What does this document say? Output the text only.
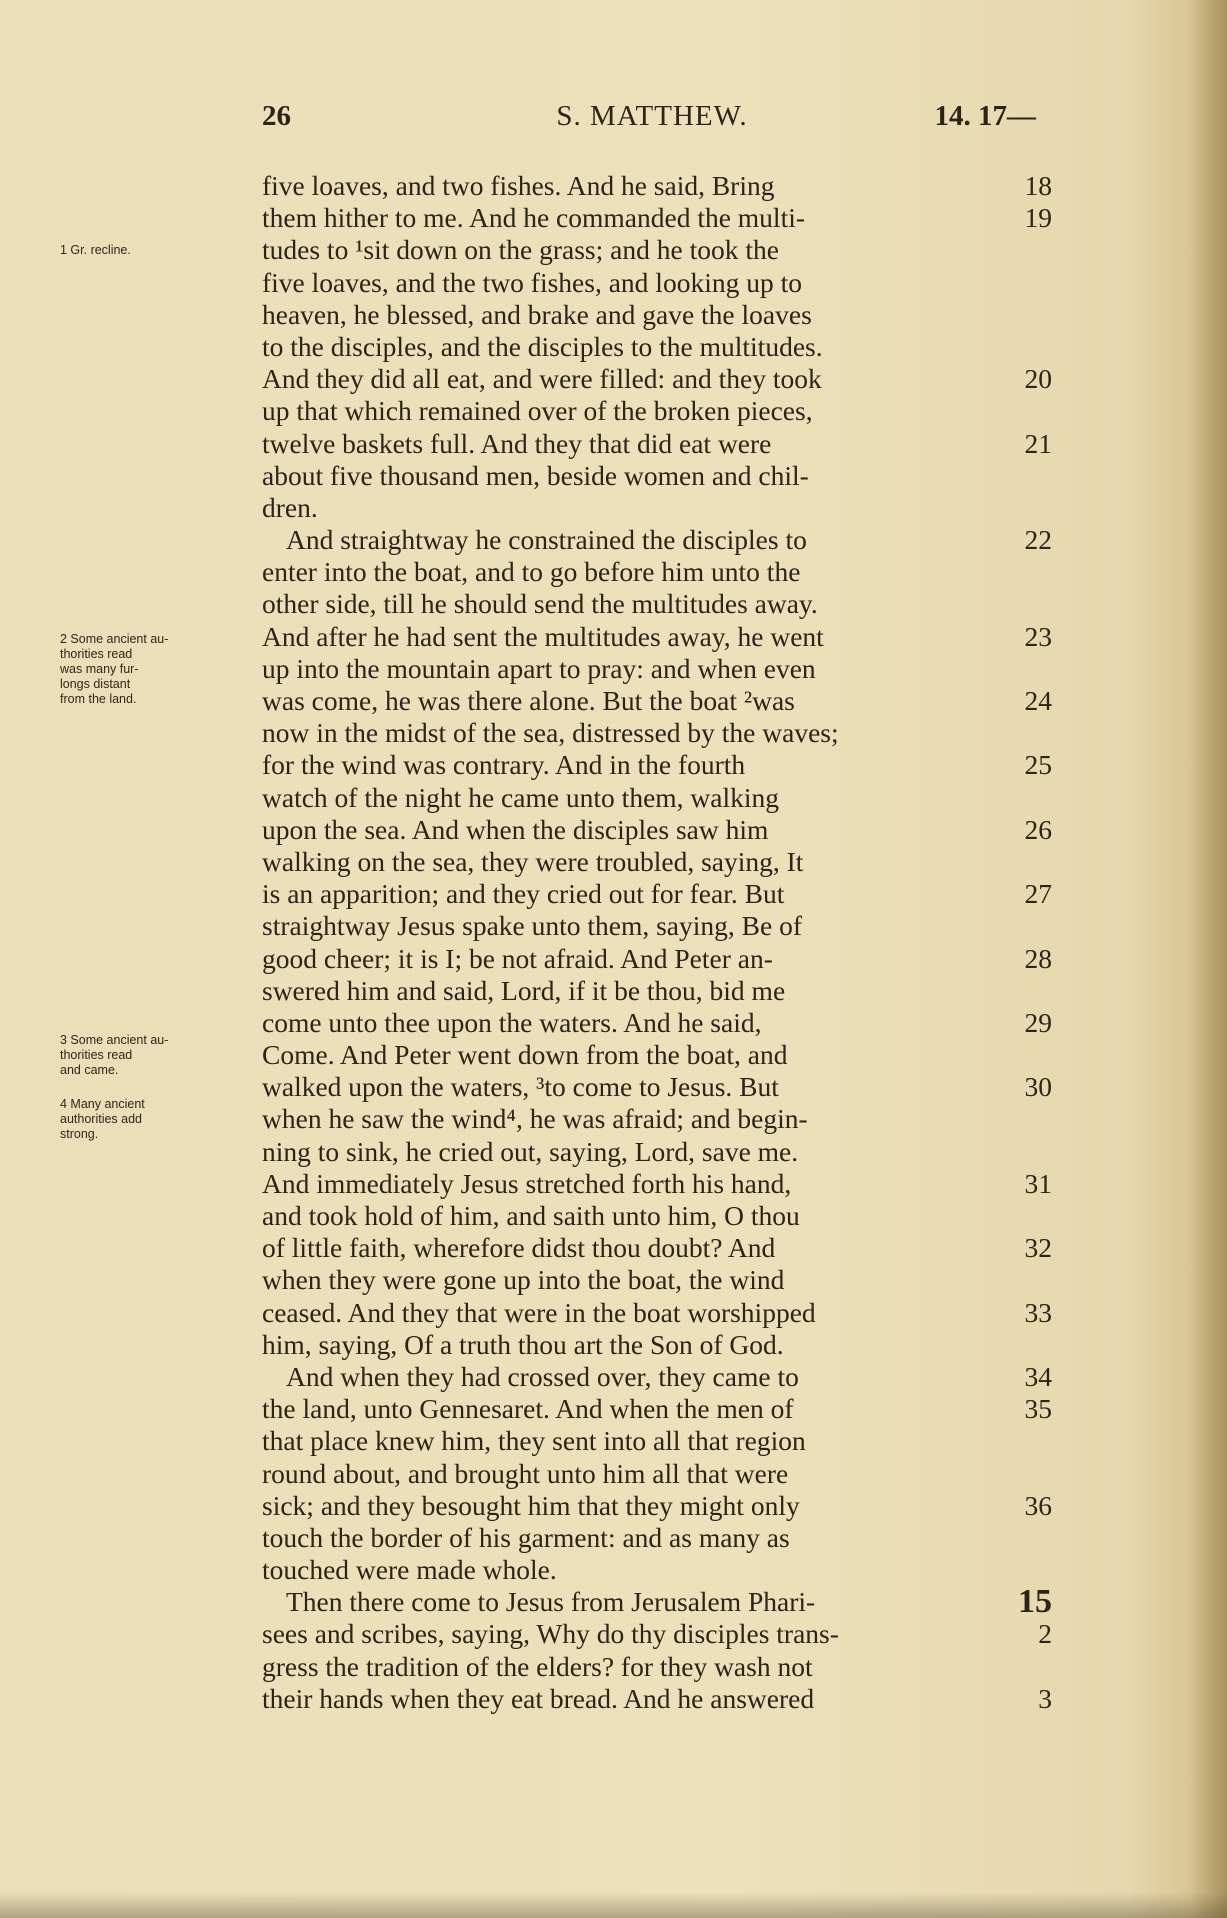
26	S. MATTHEW.	14. 17—
1 Gr. recline.
2 Some ancient au-
thorities read
was many fur-
longs distant
from the land.
3 Some ancient au-
thorities read
and came.
4 Many ancient
authorities add
strong.
five loaves, and two fishes. And he said, Bring	18
them hither to me. And he commanded the multi-	19
tudes to ¹sit down on the grass; and he took the
five loaves, and the two fishes, and looking up to
heaven, he blessed, and brake and gave the loaves
to the disciples, and the disciples to the multitudes.
And they did all eat, and were filled: and they took	20
up that which remained over of the broken pieces,
twelve baskets full. And they that did eat were	21
about five thousand men, beside women and chil-
dren.
And straightway he constrained the disciples to	22
enter into the boat, and to go before him unto the
other side, till he should send the multitudes away.
And after he had sent the multitudes away, he went	23
up into the mountain apart to pray: and when even
was come, he was there alone. But the boat ²was	24
now in the midst of the sea, distressed by the waves;
for the wind was contrary. And in the fourth	25
watch of the night he came unto them, walking
upon the sea. And when the disciples saw him	26
walking on the sea, they were troubled, saying, It
is an apparition; and they cried out for fear. But	27
straightway Jesus spake unto them, saying, Be of
good cheer; it is I; be not afraid. And Peter an-	28
swered him and said, Lord, if it be thou, bid me
come unto thee upon the waters. And he said,	29
Come. And Peter went down from the boat, and
walked upon the waters, ³to come to Jesus. But	30
when he saw the wind⁴, he was afraid; and begin-
ning to sink, he cried out, saying, Lord, save me.
And immediately Jesus stretched forth his hand,	31
and took hold of him, and saith unto him, O thou
of little faith, wherefore didst thou doubt? And	32
when they were gone up into the boat, the wind
ceased. And they that were in the boat worshipped	33
him, saying, Of a truth thou art the Son of God.
And when they had crossed over, they came to	34
the land, unto Gennesaret. And when the men of	35
that place knew him, they sent into all that region
round about, and brought unto him all that were
sick; and they besought him that they might only	36
touch the border of his garment: and as many as
touched were made whole.
Then there come to Jesus from Jerusalem Phari-	15
sees and scribes, saying, Why do thy disciples trans-	2
gress the tradition of the elders? for they wash not
their hands when they eat bread. And he answered	3
